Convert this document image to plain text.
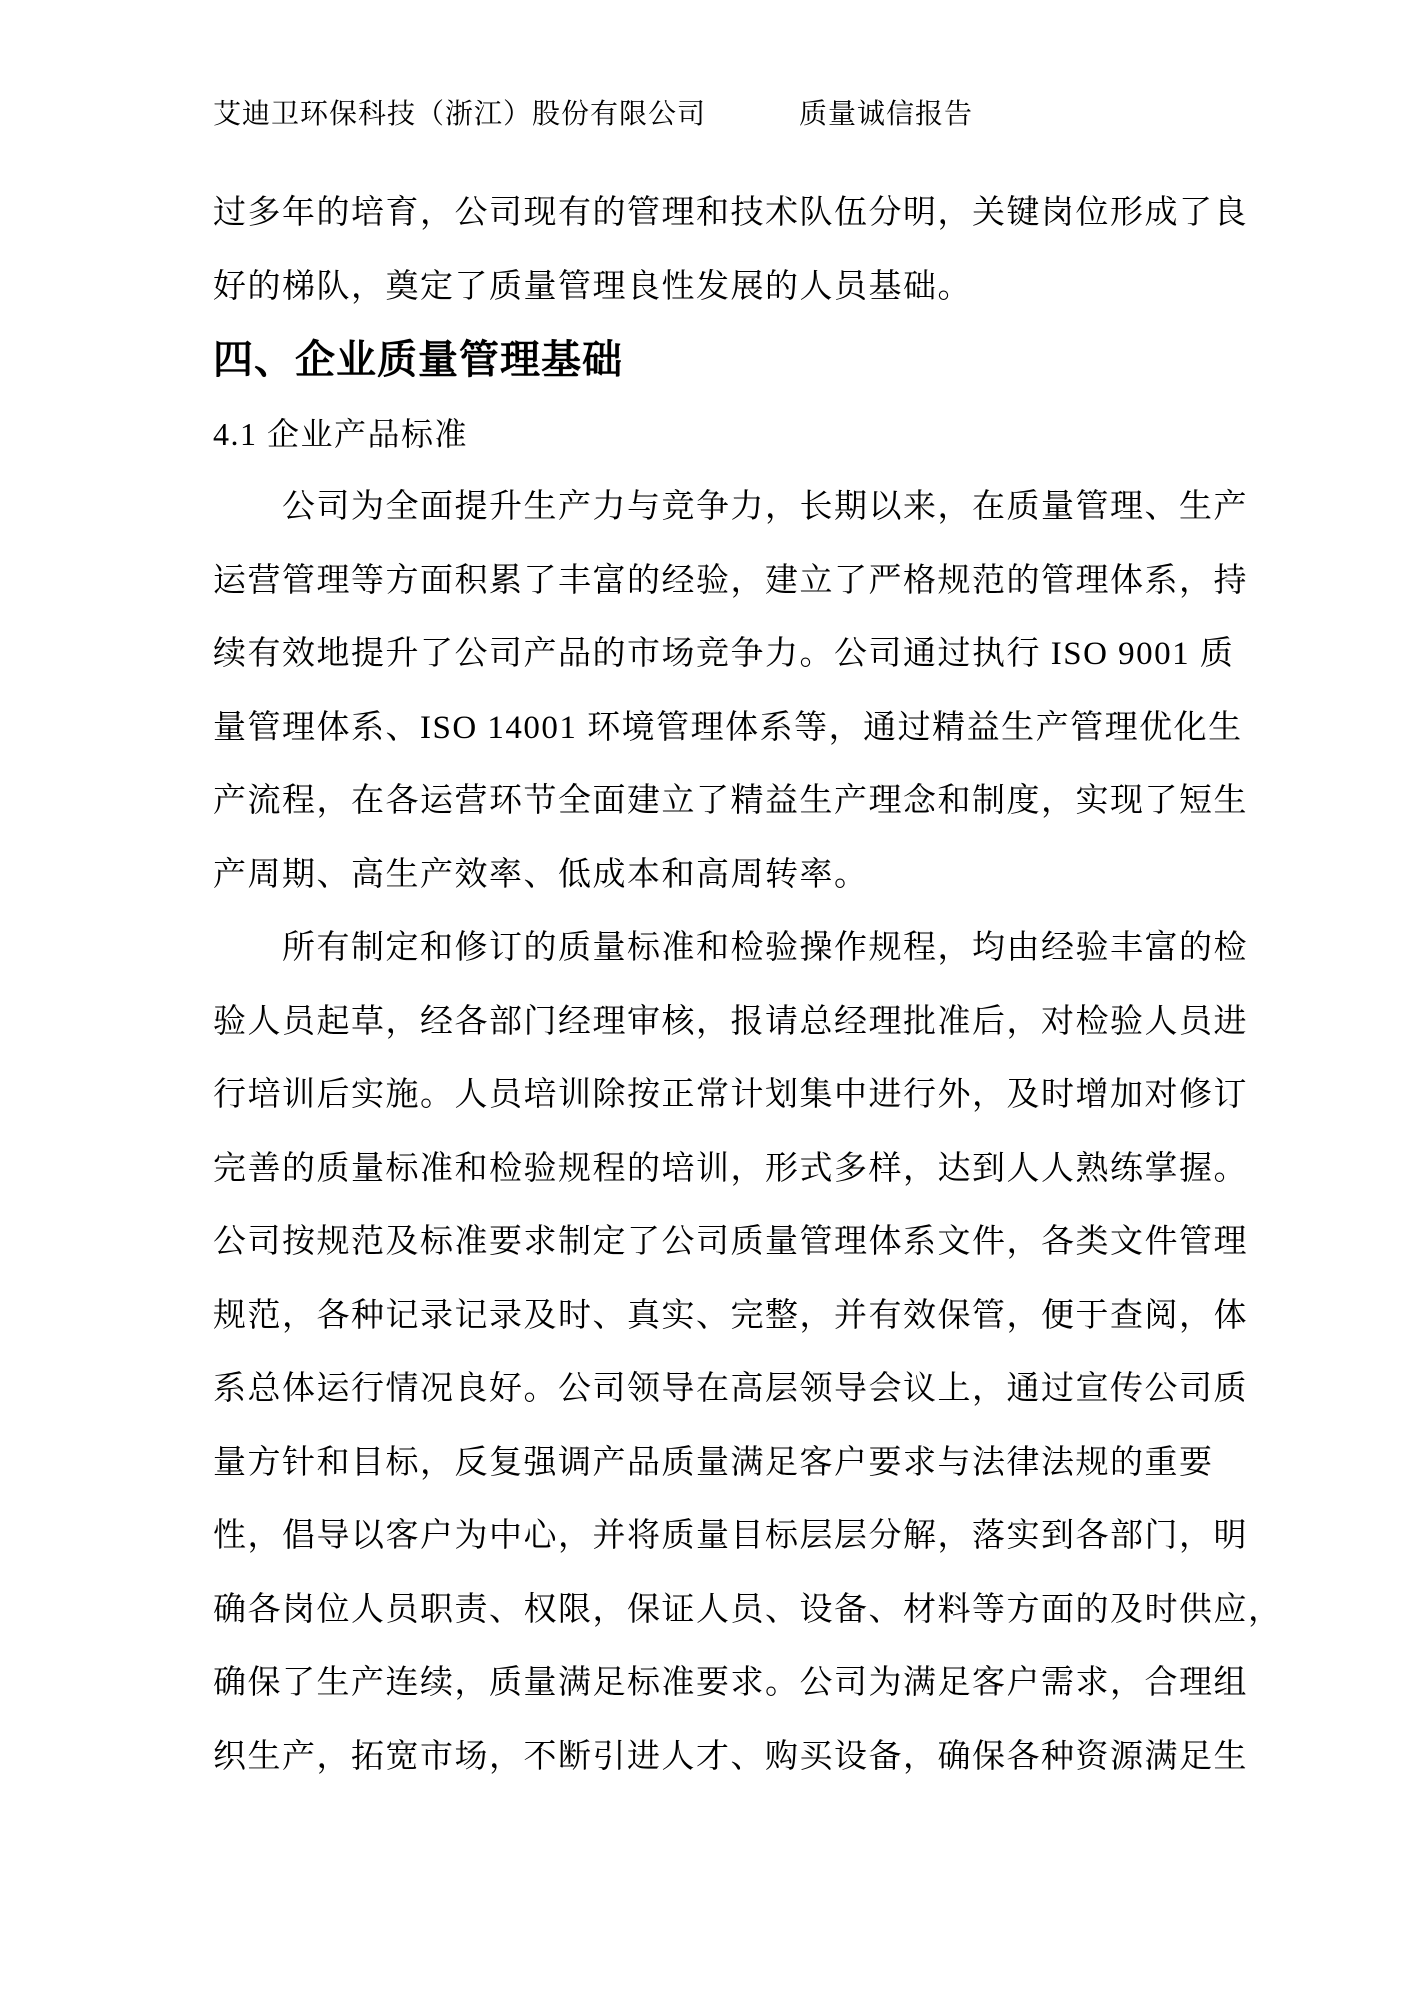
艾迪卫环保科技（浙江）股份有限公司	质量诚信报告
过多年的培育，公司现有的管理和技术队伍分明，关键岗位形成了良
好的梯队，奠定了质量管理良性发展的人员基础。
四、企业质量管理基础
4.1 企业产品标准
公司为全面提升生产力与竞争力，长期以来，在质量管理、生产
运营管理等方面积累了丰富的经验，建立了严格规范的管理体系，持
续有效地提升了公司产品的市场竞争力。公司通过执行 ISO 9001 质
量管理体系、ISO 14001 环境管理体系等，通过精益生产管理优化生
产流程，在各运营环节全面建立了精益生产理念和制度，实现了短生
产周期、高生产效率、低成本和高周转率。
所有制定和修订的质量标准和检验操作规程，均由经验丰富的检
验人员起草，经各部门经理审核，报请总经理批准后，对检验人员进
行培训后实施。人员培训除按正常计划集中进行外，及时增加对修订
完善的质量标准和检验规程的培训，形式多样，达到人人熟练掌握。
公司按规范及标准要求制定了公司质量管理体系文件，各类文件管理
规范，各种记录记录及时、真实、完整，并有效保管，便于查阅，体
系总体运行情况良好。公司领导在高层领导会议上，通过宣传公司质
量方针和目标，反复强调产品质量满足客户要求与法律法规的重要
性，倡导以客户为中心，并将质量目标层层分解，落实到各部门，明
确各岗位人员职责、权限，保证人员、设备、材料等方面的及时供应，
确保了生产连续，质量满足标准要求。公司为满足客户需求，合理组
织生产，拓宽市场，不断引进人才、购买设备，确保各种资源满足生
